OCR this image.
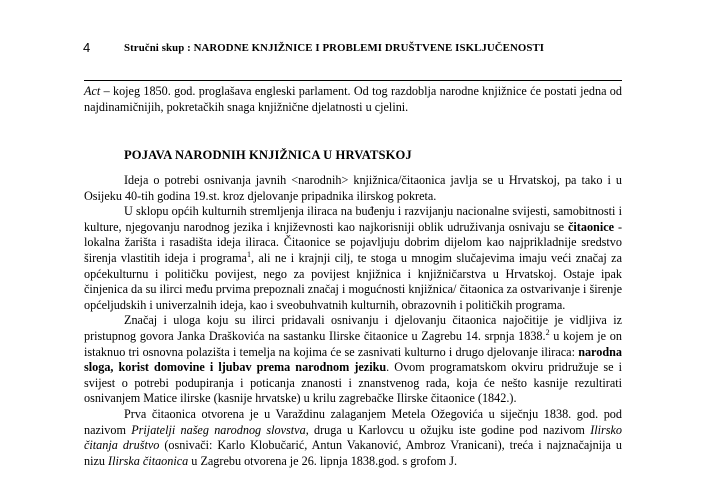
4	Stručni skup : NARODNE KNJIŽNICE I PROBLEMI DRUŠTVENE ISKLJUČENOSTI
Act – kojeg 1850. god. proglašava engleski parlament. Od tog razdoblja narodne knjižnice će postati jedna od najdinamičnijih, pokretačkih snaga knjižnične djelatnosti u cjelini.
POJAVA NARODNIH KNJIŽNICA U HRVATSKOJ

Ideja o potrebi osnivanja javnih <narodnih> knjižnica/čitaonica javlja se u Hrvatskoj, pa tako i u Osijeku 40-tih godina 19.st. kroz djelovanje pripadnika ilirskog pokreta.

U sklopu općih kulturnih stremljenja iliraca na buđenju i razvijanju nacionalne svijesti, samobitnosti i kulture, njegovanju narodnog jezika i književnosti kao najkorisniji oblik udruživanja osnivaju se čitaonice - lokalna žarišta i rasadišta ideja iliraca. Čitaonice se pojavljuju dobrim dijelom kao najprikladnije sredstvo širenja vlastitih ideja i programa$^1$, ali ne i krajnji cilj, te stoga u mnogim slučajevima imaju veći značaj za općekulturnu i političku povijest, nego za povijest knjižnica i knjižničarstva u Hrvatskoj. Ostaje ipak činjenica da su ilirci među prvima prepoznali značaj i mogućnosti knjižnica/ čitaonica za ostvarivanje i širenje općeljudskih i univerzalnih ideja, kao i sveobuhvatnih kulturnih, obrazovnih i političkih programa.

Značaj i uloga koju su ilirci pridavali osnivanju i djelovanju čitaonica najočitije je vidljiva iz pristupnog govora Janka Draškovića na sastanku Ilirske čitaonice u Zagrebu 14. srpnja 1838.$^2$ u kojem je on istaknuo tri osnovna polazišta i temelja na kojima će se zasnivati kulturno i drugo djelovanje iliraca: narodna sloga, korist domovine i ljubav prema narodnom jeziku. Ovom programatskom okviru pridružuje se i svijest o potrebi podupiranja i poticanja znanosti i znanstvenog rada, koja će nešto kasnije rezultirati osnivanjem Matice ilirske (kasnije hrvatske) u krilu zagrebačke Ilirske čitaonice (1842.).

Prva čitaonica otvorena je u Varaždinu zalaganjem Metela Ožegovića u siječnju 1838. god. pod nazivom Prijatelji našeg narodnog slovstva, druga u Karlovcu u ožujku iste godine pod nazivom Ilirsko čitanja društvo (osnivači: Karlo Klobučarić, Antun Vakanović, Ambroz Vranicani), treća i najznačajnija u nizu Ilirska čitaonica u Zagrebu otvorena je 26. lipnja 1838.god. s grofom J.
